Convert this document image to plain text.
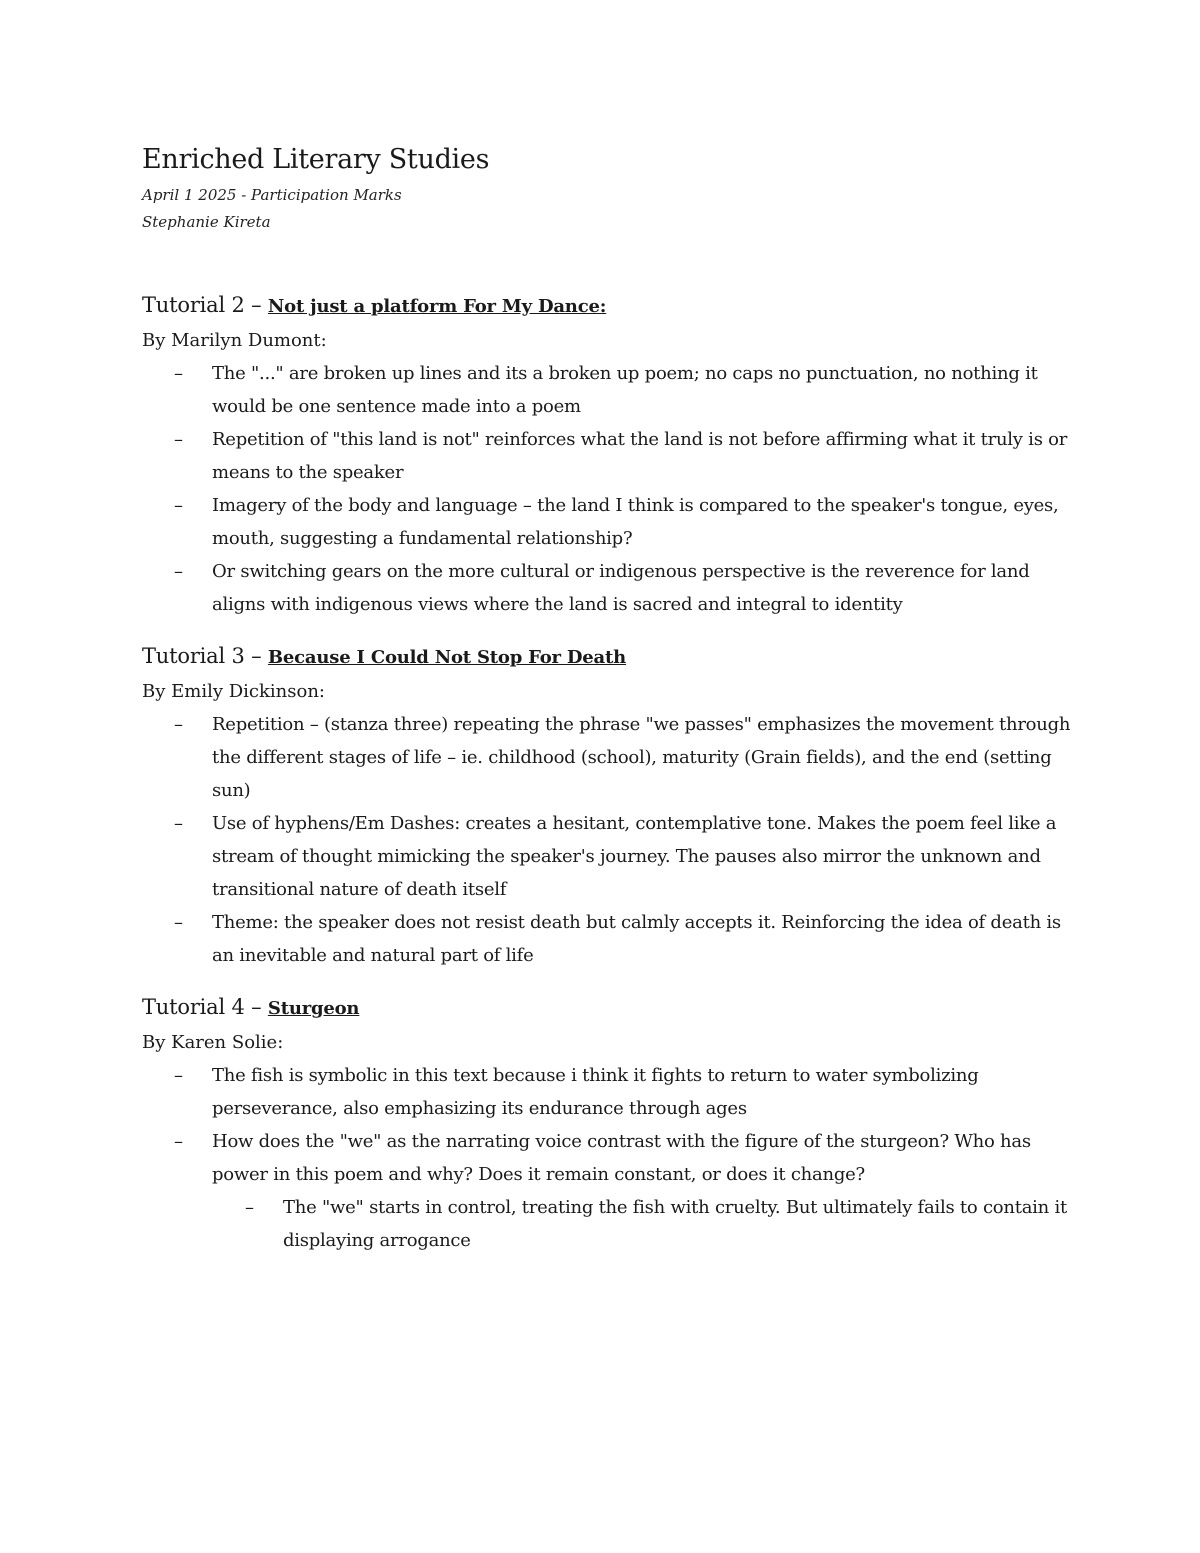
Enriched Literary Studies
April 1 2025 - Participation Marks
Stephanie Kireta
Tutorial 2 – Not just a platform For My Dance:

By Marilyn Dumont:

– The "..." are broken up lines and its a broken up poem; no caps no punctuation, no nothing it would be one sentence made into a poem
– Repetition of "this land is not" reinforces what the land is not before affirming what it truly is or means to the speaker
– Imagery of the body and language – the land I think is compared to the speaker's tongue, eyes, mouth, suggesting a fundamental relationship?
– Or switching gears on the more cultural or indigenous perspective is the reverence for land aligns with indigenous views where the land is sacred and integral to identity
Tutorial 3 – Because I Could Not Stop For Death

By Emily Dickinson:

– Repetition – (stanza three) repeating the phrase "we passes" emphasizes the movement through the different stages of life – ie. childhood (school), maturity (Grain fields), and the end (setting sun)
– Use of hyphens/Em Dashes: creates a hesitant, contemplative tone. Makes the poem feel like a stream of thought mimicking the speaker's journey. The pauses also mirror the unknown and transitional nature of death itself
– Theme: the speaker does not resist death but calmly accepts it. Reinforcing the idea of death is an inevitable and natural part of life
Tutorial 4 – Sturgeon

By Karen Solie:

– The fish is symbolic in this text because i think it fights to return to water symbolizing perseverance, also emphasizing its endurance through ages
– How does the "we" as the narrating voice contrast with the figure of the sturgeon? Who has power in this poem and why? Does it remain constant, or does it change?
– The "we" starts in control, treating the fish with cruelty. But ultimately fails to contain it displaying arrogance
